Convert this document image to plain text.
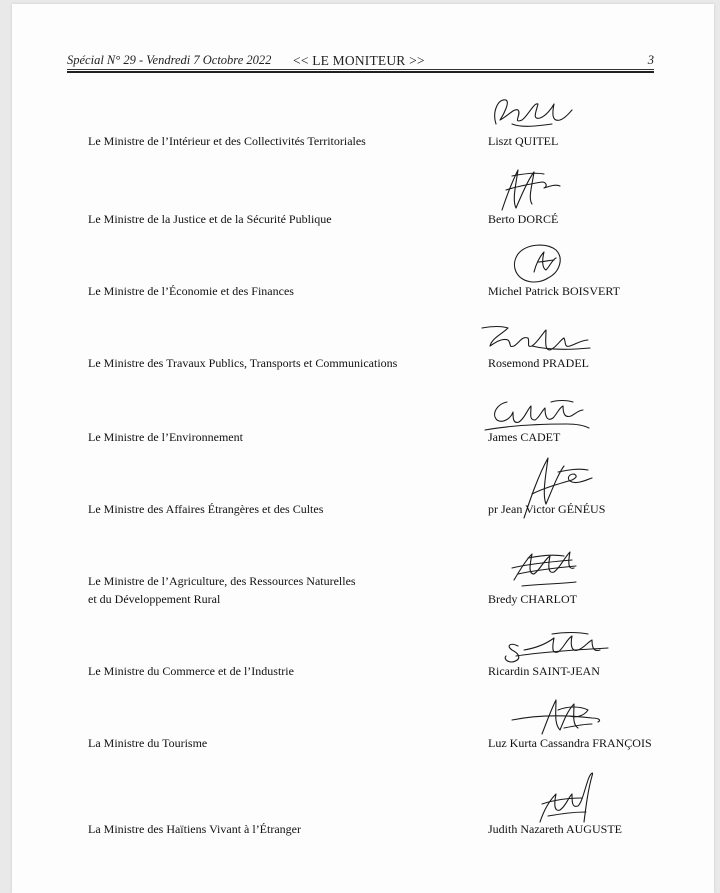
Spécial N° 29 - Vendredi 7 Octobre 2022 << LE MONITEUR >>	3
Le Ministre de l’Intérieur et des Collectivités Territoriales	Liszt QUITEL
Le Ministre de la Justice et de la Sécurité Publique	Berto DORCÉ
Le Ministre de l’Économie et des Finances	Michel Patrick BOISVERT
Le Ministre des Travaux Publics, Transports et Communications	Rosemond PRADEL
Le Ministre de l’Environnement	James CADET
Le Ministre des Affaires Étrangères et des Cultes	pr Jean Victor GÉNÉUS
Le Ministre de l’Agriculture, des Ressources Naturelles
et du Développement Rural	Bredy CHARLOT
Le Ministre du Commerce et de l’Industrie	Ricardin SAINT-JEAN
La Ministre du Tourisme	Luz Kurta Cassandra FRANÇOIS
La Ministre des Haïtiens Vivant à l’Étranger	Judith Nazareth AUGUSTE
